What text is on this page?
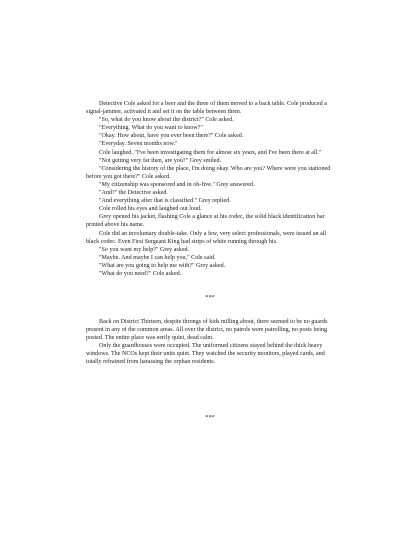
Detective Cole asked for a beer and the three of them moved to a back table. Cole produced a signal-jammer, activated it and set it on the table between them.

"So, what do you know about the district?" Cole asked.

"Everything. What do you want to know?"

"Okay. How about, have you ever been there?" Cole asked.

"Everyday. Seven months now."

Cole laughed. "I've been investigating them for almost six years, and I've been there at all."

"Not getting very far then, are you?" Grey smiled.

"Considering the history of the place, I'm doing okay. Who are you? Where were you stationed before you got there?" Cole asked.

"My citizenship was sponsored and in oh-five." Grey answered.

"And?" the Detective asked.

"And everything after that is classified." Grey replied.

Cole rolled his eyes and laughed out loud.

Grey opened his jacket, flashing Cole a glance at his codec, the solid black identification bar printed above his name.

Cole did an involuntary double-take. Only a few, very select professionals, were issued an all black codec. Even First Sergeant King had strips of white running through his.

"So you want my help?" Grey asked.

"Maybe. And maybe I can help you," Cole said.

"What are you going to help me with?" Grey asked.

"What do you need?" Cole asked.

***

Back on District Thirteen, despite throngs of kids milling about, there seemed to be no guards present in any of the common areas. All over the district, no patrols were patrolling, no posts being posted. The entire place was eerily quiet, dead calm.

Only the guardhouses were occupied. The uniformed citizens stayed behind the thick heavy windows. The NCOs kept their units quiet. They watched the security monitors, played cards, and totally refrained from harassing the orphan residents.

***
